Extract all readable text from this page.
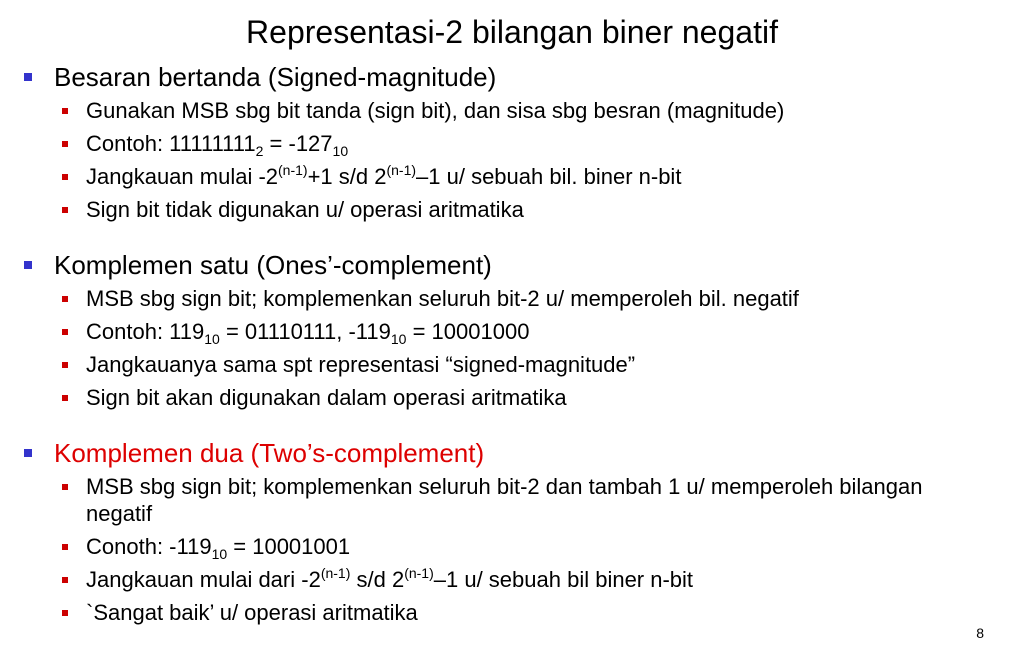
Representasi-2 bilangan biner negatif
Besaran bertanda (Signed-magnitude)
Gunakan MSB sbg bit tanda (sign bit), dan sisa sbg besran (magnitude)
Contoh: $11111111_2 = -127_{10}$
Jangkauan mulai $-2^{(n-1)}+1$ s/d 2$^{(n-1)}$–1 u/ sebuah bil. biner n-bit
Sign bit tidak digunakan u/ operasi aritmatika
Komplemen satu (Ones’-complement)
MSB sbg sign bit; komplemenkan seluruh bit-2 u/ memperoleh bil. negatif
Contoh: $119_{10} = 01110111$, $-119_{10} = 10001000$
Jangkauanya sama spt representasi “signed-magnitude”
Sign bit akan digunakan dalam operasi aritmatika
Komplemen dua (Two’s-complement)
MSB sbg sign bit; komplemenkan seluruh bit-2 dan tambah 1 u/ memperoleh bilangan negatif
Conoth: $-119_{10} = 10001001$
Jangkauan mulai dari -2$^{(n-1)}$ s/d 2$^{(n-1)}$–1 u/ sebuah bil biner n-bit
`Sangat baik’ u/ operasi aritmatika
8
